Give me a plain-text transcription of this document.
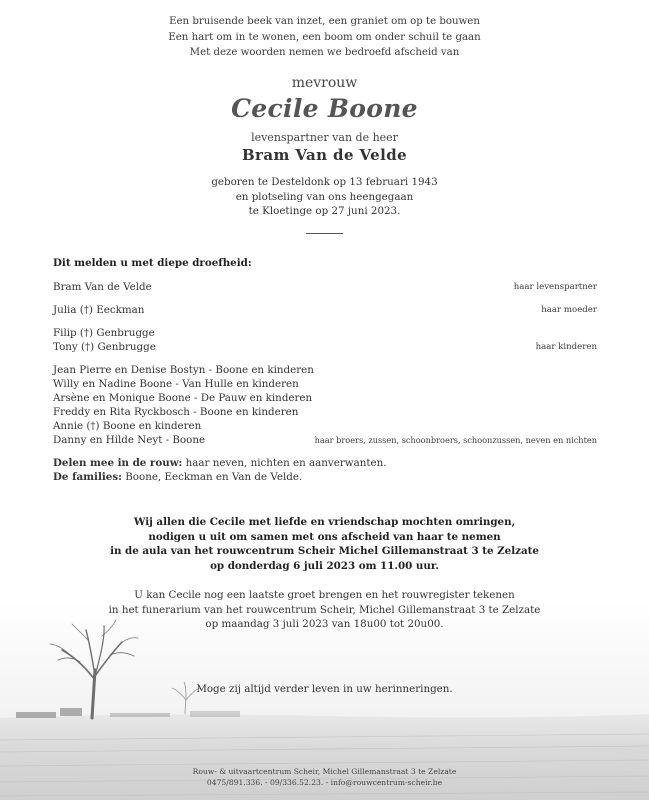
Een bruisende beek van inzet, een graniet om op te bouwen
Een hart om in te wonen, een boom om onder schuil te gaan
Met deze woorden nemen we bedroefd afscheid van
mevrouw
Cecile Boone
levenspartner van de heer
Bram Van de Velde
geboren te Desteldonk op 13 februari 1943
en plotseling van ons heengegaan
te Kloetinge op 27 juni 2023.
Dit melden u met diepe droefheid:
Bram Van de Velde	haar levenspartner
Julia (†) Eeckman	haar moeder
Filip (†) Genbrugge
Tony (†) Genbrugge	haar kinderen
Jean Pierre en Denise Bostyn - Boone en kinderen
Willy en Nadine Boone - Van Hulle en kinderen
Arsène en Monique Boone - De Pauw en kinderen
Freddy en Rita Ryckbosch - Boone en kinderen
Annie (†) Boone en kinderen
Danny en Hilde Neyt - Boone	haar broers, zussen, schoonbroers, schoonzussen, neven en nichten
Delen mee in de rouw: haar neven, nichten en aanverwanten.
De families: Boone, Eeckman en Van de Velde.
Wij allen die Cecile met liefde en vriendschap mochten omringen,
nodigen u uit om samen met ons afscheid van haar te nemen
in de aula van het rouwcentrum Scheir Michel Gillemanstraat 3 te Zelzate
op donderdag 6 juli 2023 om 11.00 uur.
U kan Cecile nog een laatste groet brengen en het rouwregister tekenen
in het funerarium van het rouwcentrum Scheir, Michel Gillemanstraat 3 te Zelzate
op maandag 3 juli 2023 van 18u00 tot 20u00.
Moge zij altijd verder leven in uw herinneringen.
Rouw- & uitvaartcentrum Scheir, Michel Gillemanstraat 3 te Zelzate
0475/891.336. - 09/336.52.23. - info@rouwcentrum-scheir.be
